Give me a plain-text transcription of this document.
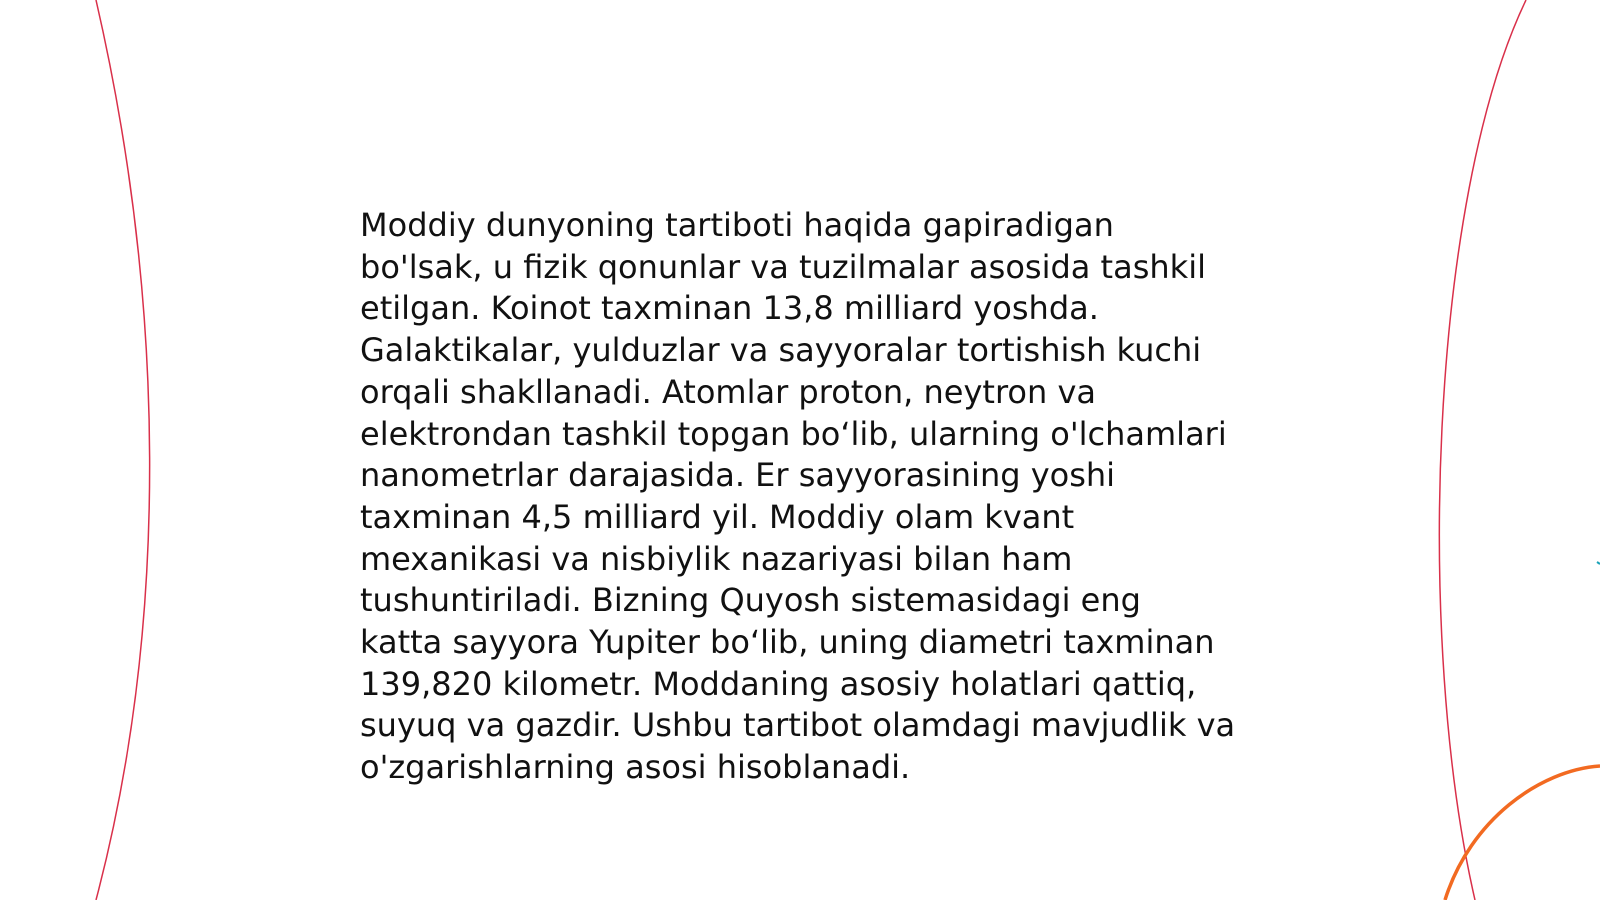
Moddiy dunyoning tartiboti haqida gapiradigan
bo'lsak, u fizik qonunlar va tuzilmalar asosida tashkil
etilgan. Koinot taxminan 13,8 milliard yoshda.
Galaktikalar, yulduzlar va sayyoralar tortishish kuchi
orqali shakllanadi. Atomlar proton, neytron va
elektrondan tashkil topgan bo‘lib, ularning o'lchamlari
nanometrlar darajasida. Er sayyorasining yoshi
taxminan 4,5 milliard yil. Moddiy olam kvant
mexanikasi va nisbiylik nazariyasi bilan ham
tushuntiriladi. Bizning Quyosh sistemasidagi eng
katta sayyora Yupiter bo‘lib, uning diametri taxminan
139,820 kilometr. Moddaning asosiy holatlari qattiq,
suyuq va gazdir. Ushbu tartibot olamdagi mavjudlik va
o'zgarishlarning asosi hisoblanadi.
